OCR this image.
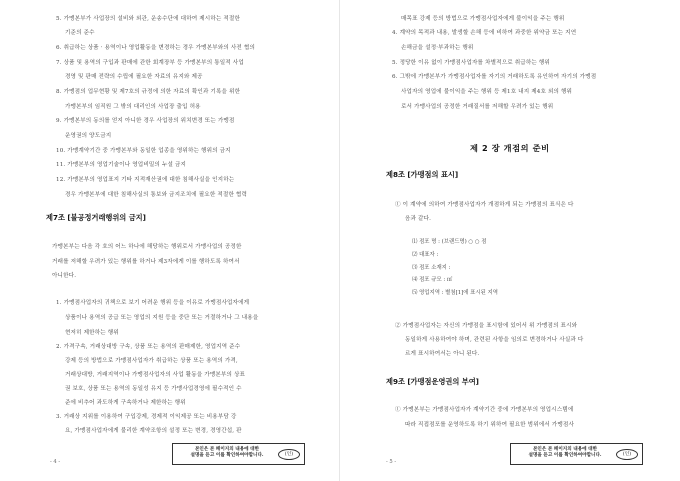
5. 가맹본부가 사업장의 설비와 외관, 운송수단에 대하여 제시하는 적절한
기준의 준수
6. 취급하는 상품 · 용역이나 영업활동을 변경하는 경우 가맹본부와의 사전 협의
7. 상품 및 용역의 구입과 판매에 관한 회계장부 등 가맹본부의 통일적 사업
경영 및 판매 전략의 수립에 필요한 자료의 유지와 제공
8. 가맹점의 업무현황 및 제7호의 규정에 의한 자료의 확인과 기록을 위한
가맹본부의 임직원 그 밖의 대리인의 사업장 출입 허용
9. 가맹본부의 동의를 얻지 아니한 경우 사업장의 위치변경 또는 가맹점
운영권의 양도금지
10. 가맹계약기간 중 가맹본부와 동일한 업종을 영위하는 행위의 금지
11. 가맹본부의 영업기술이나 영업비밀의 누설 금지
12. 가맹본부의 영업표지 기타 지적재산권에 대한 침해사실을 인지하는
경우 가맹본부에 대한 침해사실의 통보와 금지조치에 필요한 적절한 협력
제7조 [불공정거래행위의 금지]
가맹본부는 다음 각 호의 어느 하나에 해당하는 행위로서 가맹사업의 공정한
거래를 저해할 우려가 있는 행위를 하거나 제3자에게 이를 행하도록 하여서
아니한다.
1. 가맹점사업자의 귀책으로 보기 어려운 행위 등을 이유로 가맹점사업자에게
상품이나 용역의 공급 또는 영업의 지원 등을 중단 또는 거절하거나 그 내용을
현저히 제한하는 행위
2. 가격구속, 거래상대방 구속, 상품 또는 용역의 판매제한, 영업지역 준수
강제 등의 방법으로 가맹점사업자가 취급하는 상품 또는 용역의 가격,
거래상대방, 거래지역이나 가맹점사업자의 사업 활동을 가맹본부의 상표
권 보호, 상품 또는 용역의 동일성 유지 등 가맹사업경영에 필수적인 수
준에 비추어 과도하게 구속하거나 제한하는 행위
3. 거래상 지위를 이용하여 구입강제, 경제적 이익제공 또는 비용부담 강
요, 가맹점사업자에게 불리한 계약조항의 설정 또는 변경, 경영간섭, 판
본인은 본 페이지의 내용에 대한
설명을 듣고 이를 확인하여야합니다.	(인)
- 4 -
매목표 강제 등의 방법으로 가맹점사업자에게 불이익을 주는 행위
4. 계약의 목적과 내용, 발생할 손해 등에 비하여 과중한 위약금 또는 지연
손해금을 설정·부과하는 행위
5. 정당한 이유 없이 가맹점사업자를 차별적으로 취급하는 행위
6. 그밖에 가맹본부가 가맹점사업자를 자기의 거래하도록 유인하여 자기의 가맹점
사업자의 영업에 불이익을 주는 행위 등 제1호 내지 제4호 외의 행위
로서 가맹사업의 공정한 거래질서를 저해할 우려가 있는 행위
제 2 장 개점의 준비
제8조 [가맹점의 표시]
① 이 계약에 의하여 가맹점사업자가 개점하게 되는 가맹점의 표식은 다
음과 같다.
⑴ 점포 명 : (브랜드명) ○ ○ 점
⑵ 대표자 :
⑶ 점포 소재지 :
⑷ 점포 규모 : ㎡
⑸ 영업지역 : 별첨[1]에 표시된 지역
② 가맹점사업자는 자신의 가맹점을 표시함에 있어서 위 가맹점의 표시와
동일하게 사용하여야 하며, 관련된 사항을 임의로 변경하거나 사실과 다
르게 표시하여서는 아니 된다.
제9조 [가맹점운영권의 부여]
① 가맹본부는 가맹점사업자가 계약기간 중에 가맹본부의 영업시스템에
따라 직접점포를 운영하도록 하기 위하여 필요한 범위에서 가맹점사
본인은 본 페이지의 내용에 대한
설명을 듣고 이를 확인하여야합니다.	(인)
- 5 -
